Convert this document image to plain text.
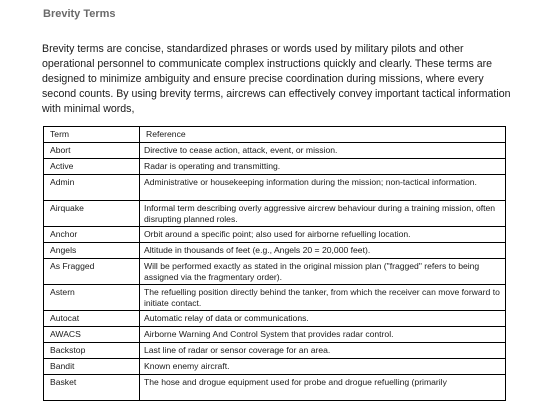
Brevity Terms

Brevity terms are concise, standardized phrases or words used by military pilots and other operational personnel to communicate complex instructions quickly and clearly. These terms are designed to minimize ambiguity and ensure precise coordination during missions, where every second counts. By using brevity terms, aircrews can effectively convey important tactical information with minimal words,

Term	Reference
Abort	Directive to cease action, attack, event, or mission.
Active	Radar is operating and transmitting.
Admin	Administrative or housekeeping information during the mission; non-tactical information.
Airquake	Informal term describing overly aggressive aircrew behaviour during a training mission, often disrupting planned roles.
Anchor	Orbit around a specific point; also used for airborne refuelling location.
Angels	Altitude in thousands of feet (e.g., Angels 20 = 20,000 feet).
As Fragged	Will be performed exactly as stated in the original mission plan ("fragged" refers to being assigned via the fragmentary order).
Astern	The refuelling position directly behind the tanker, from which the receiver can move forward to initiate contact.
Autocat	Automatic relay of data or communications.
AWACS	Airborne Warning And Control System that provides radar control.
Backstop	Last line of radar or sensor coverage for an area.
Bandit	Known enemy aircraft.
Basket	The hose and drogue equipment used for probe and drogue refuelling (primarily
